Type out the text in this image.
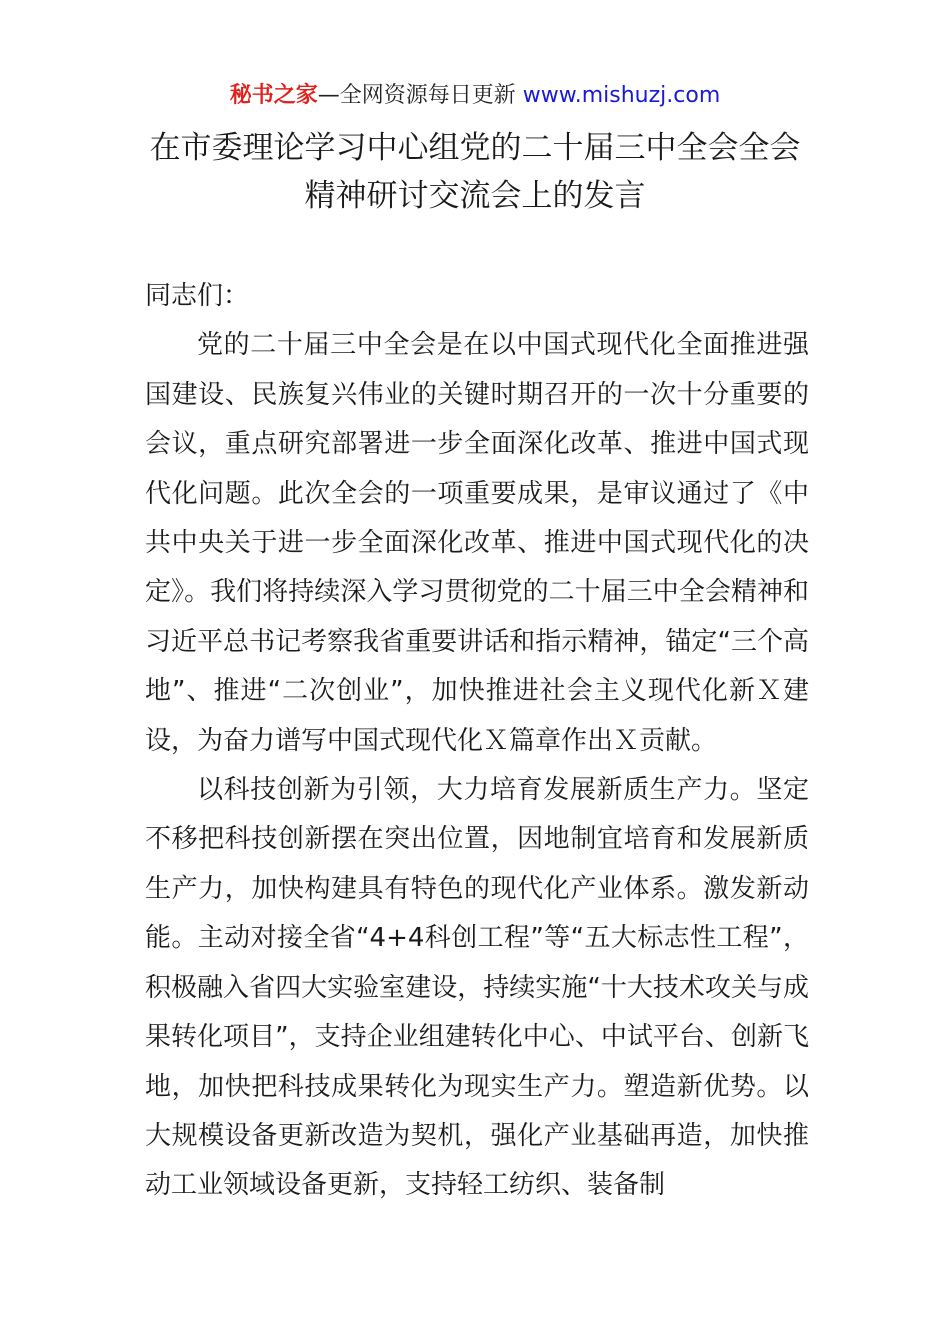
秘书之家—全网资源每日更新 www.mishuzj.com
在市委理论学习中心组党的二十届三中全会全会
精神研讨交流会上的发言

同志们：

党的二十届三中全会是在以中国式现代化全面推进强国建设、民族复兴伟业的关键时期召开的一次十分重要的会议，重点研究部署进一步全面深化改革、推进中国式现代化问题。此次全会的一项重要成果，是审议通过了《中共中央关于进一步全面深化改革、推进中国式现代化的决定》。我们将持续深入学习贯彻党的二十届三中全会精神和习近平总书记考察我省重要讲话和指示精神，锚定“三个高地”、推进“二次创业”，加快推进社会主义现代化新Ｘ建设，为奋力谱写中国式现代化Ｘ篇章作出Ｘ贡献。

以科技创新为引领，大力培育发展新质生产力。坚定不移把科技创新摆在突出位置，因地制宜培育和发展新质生产力，加快构建具有特色的现代化产业体系。激发新动能。主动对接全省“4+4科创工程”等“五大标志性工程”，积极融入省四大实验室建设，持续实施“十大技术攻关与成果转化项目”，支持企业组建转化中心、中试平台、创新飞地，加快把科技成果转化为现实生产力。塑造新优势。以大规模设备更新改造为契机，强化产业基础再造，加快推动工业领域设备更新，支持轻工纺织、装备制
